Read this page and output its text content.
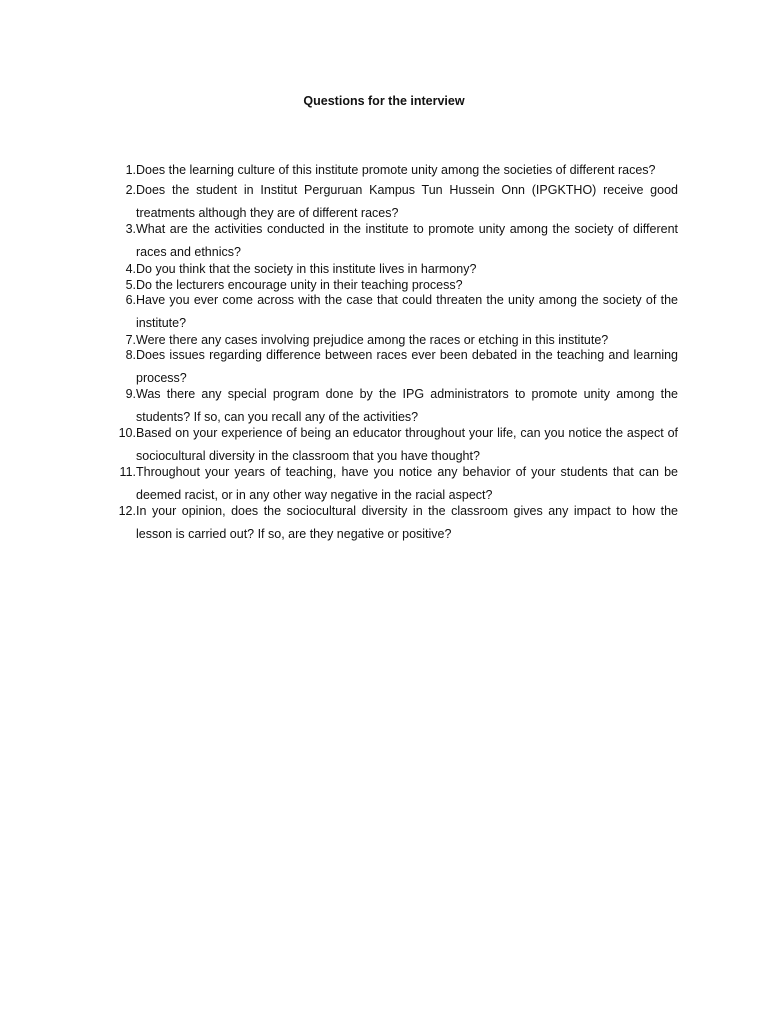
Questions for the interview
1. Does the learning culture of this institute promote unity among the societies of different races?
2. Does the student in Institut Perguruan Kampus Tun Hussein Onn (IPGKTHO) receive good treatments although they are of different races?
3. What are the activities conducted in the institute to promote unity among the society of different races and ethnics?
4. Do you think that the society in this institute lives in harmony?
5. Do the lecturers encourage unity in their teaching process?
6. Have you ever come across with the case that could threaten the unity among the society of the institute?
7. Were there any cases involving prejudice among the races or etching in this institute?
8. Does issues regarding difference between races ever been debated in the teaching and learning process?
9. Was there any special program done by the IPG administrators to promote unity among the students? If so, can you recall any of the activities?
10. Based on your experience of being an educator throughout your life, can you notice the aspect of sociocultural diversity in the classroom that you have thought?
11. Throughout your years of teaching, have you notice any behavior of your students that can be deemed racist, or in any other way negative in the racial aspect?
12. In your opinion, does the sociocultural diversity in the classroom gives any impact to how the lesson is carried out? If so, are they negative or positive?
